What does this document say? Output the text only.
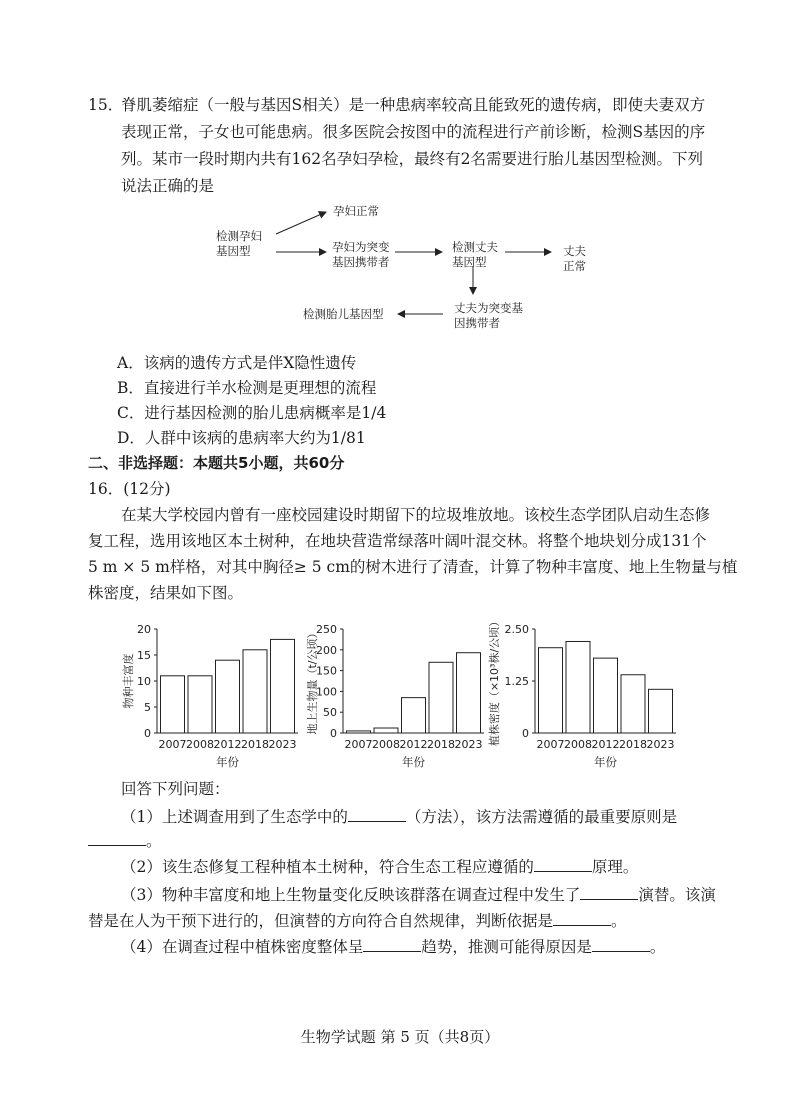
15．
脊肌萎缩症（一般与基因S相关）是一种患病率较高且能致死的遗传病，即使夫妻双方
表现正常，子女也可能患病。很多医院会按图中的流程进行产前诊断，检测S基因的序
列。某市一段时期内共有162名孕妇孕检，最终有2名需要进行胎儿基因型检测。下列
说法正确的是
检测孕妇
基因型
孕妇正常
孕妇为突变
基因携带者
检测丈夫
基因型
丈夫
正常
丈夫为突变基
因携带者
检测胎儿基因型
A．该病的遗传方式是伴X隐性遗传
B．直接进行羊水检测是更理想的流程
C．进行基因检测的胎儿患病概率是1/4
D．人群中该病的患病率大约为1/81
二、非选择题：本题共5小题，共60分
16．(12分)
在某大学校园内曾有一座校园建设时期留下的垃圾堆放地。该校生态学团队启动生态修
复工程，选用该地区本土树种，在地块营造常绿落叶阔叶混交林。将整个地块划分成131个
5 m × 5 m样格，对其中胸径≥ 5 cm的树木进行了清查，计算了物种丰富度、地上生物量与植
株密度，结果如下图。
0
5
10
15
20
2007 2008 2012 2018 2023
年份
物种丰富度
0
50
100
150
200
250
2007 2008 2012 2018 2023
年份
地上生物量（t/公顷）	0
1.25
2.50
2007 2008 2012 2018 2023
年份
植株密度（×10³株/公顷）
回答下列问题：
（1）上述调查用到了生态学中的	（方法），该方法需遵循的最重要原则是
。
（2）该生态修复工程种植本土树种，符合生态工程应遵循的	原理。
（3）物种丰富度和地上生物量变化反映该群落在调查过程中发生了	演替。该演
替是在人为干预下进行的，但演替的方向符合自然规律，判断依据是	。
（4）在调查过程中植株密度整体呈	趋势，推测可能得原因是	。
生物学试题 第 5 页（共8页）
